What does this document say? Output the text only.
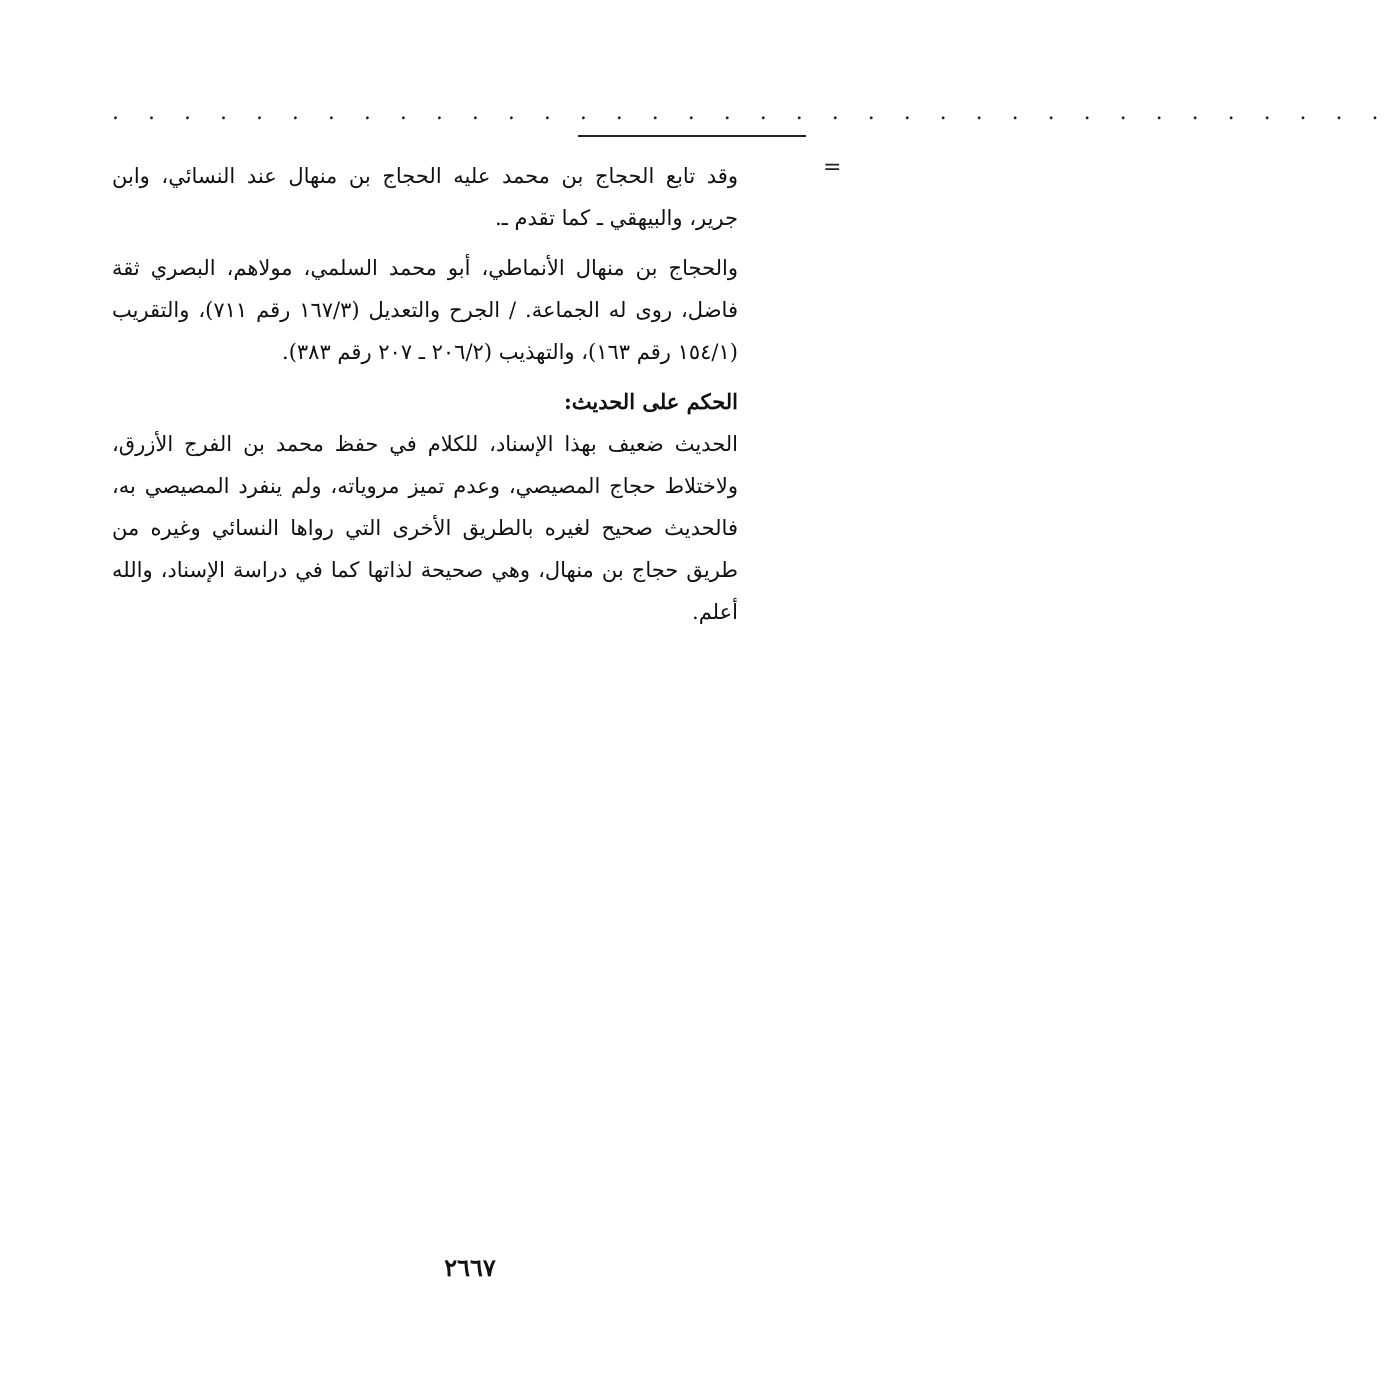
. . . . . . . . . . . . . . . . . . . . . . . . . . . . . . . . . . . .
=

وقد تابع الحجاج بن محمد عليه الحجاج بن منهال عند النسائي، وابن جرير، والبيهقي ـ كما تقدم ـ.

والحجاج بن منهال الأنماطي، أبو محمد السلمي، مولاهم، البصري ثقة فاضل، روى له الجماعة. / الجرح والتعديل (١٦٧/٣ رقم ٧١١)، والتقريب (١٥٤/١ رقم ١٦٣)، والتهذيب (٢٠٦/٢ ـ ٢٠٧ رقم ٣٨٣).

الحكم على الحديث:

الحديث ضعيف بهذا الإسناد، للكلام في حفظ محمد بن الفرج الأزرق، ولاختلاط حجاج المصيصي، وعدم تميز مروياته، ولم ينفرد المصيصي به، فالحديث صحيح لغيره بالطريق الأخرى التي رواها النسائي وغيره من طريق حجاج بن منهال، وهي صحيحة لذاتها كما في دراسة الإسناد، والله أعلم.

٢٦٦٧
